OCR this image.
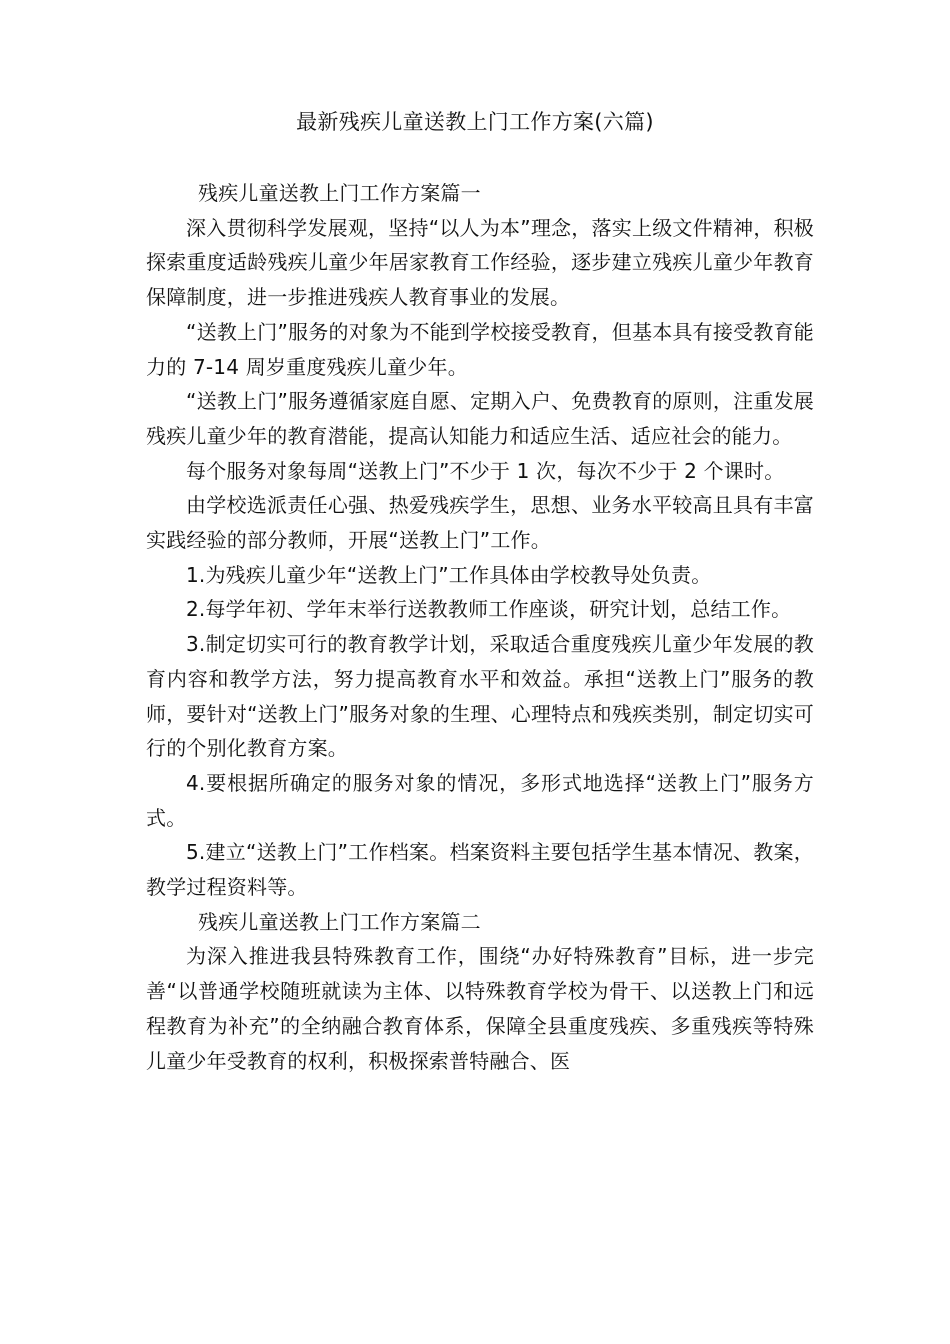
最新残疾儿童送教上门工作方案(六篇)

残疾儿童送教上门工作方案篇一

深入贯彻科学发展观，坚持“以人为本”理念，落实上级文件精神，积极探索重度适龄残疾儿童少年居家教育工作经验，逐步建立残疾儿童少年教育保障制度，进一步推进残疾人教育事业的发展。

“送教上门”服务的对象为不能到学校接受教育，但基本具有接受教育能力的 7-14 周岁重度残疾儿童少年。

“送教上门”服务遵循家庭自愿、定期入户、免费教育的原则，注重发展残疾儿童少年的教育潜能，提高认知能力和适应生活、适应社会的能力。

每个服务对象每周“送教上门”不少于 1 次，每次不少于 2 个课时。

由学校选派责任心强、热爱残疾学生，思想、业务水平较高且具有丰富实践经验的部分教师，开展“送教上门”工作。

1.为残疾儿童少年“送教上门”工作具体由学校教导处负责。

2.每学年初、学年末举行送教教师工作座谈，研究计划，总结工作。

3.制定切实可行的教育教学计划，采取适合重度残疾儿童少年发展的教育内容和教学方法，努力提高教育水平和效益。承担“送教上门”服务的教师，要针对“送教上门”服务对象的生理、心理特点和残疾类别，制定切实可行的个别化教育方案。

4.要根据所确定的服务对象的情况，多形式地选择“送教上门”服务方式。

5.建立“送教上门”工作档案。档案资料主要包括学生基本情况、教案，教学过程资料等。

残疾儿童送教上门工作方案篇二

为深入推进我县特殊教育工作，围绕“办好特殊教育”目标，进一步完善“以普通学校随班就读为主体、以特殊教育学校为骨干、以送教上门和远程教育为补充”的全纳融合教育体系，保障全县重度残疾、多重残疾等特殊儿童少年受教育的权利，积极探索普特融合、医
